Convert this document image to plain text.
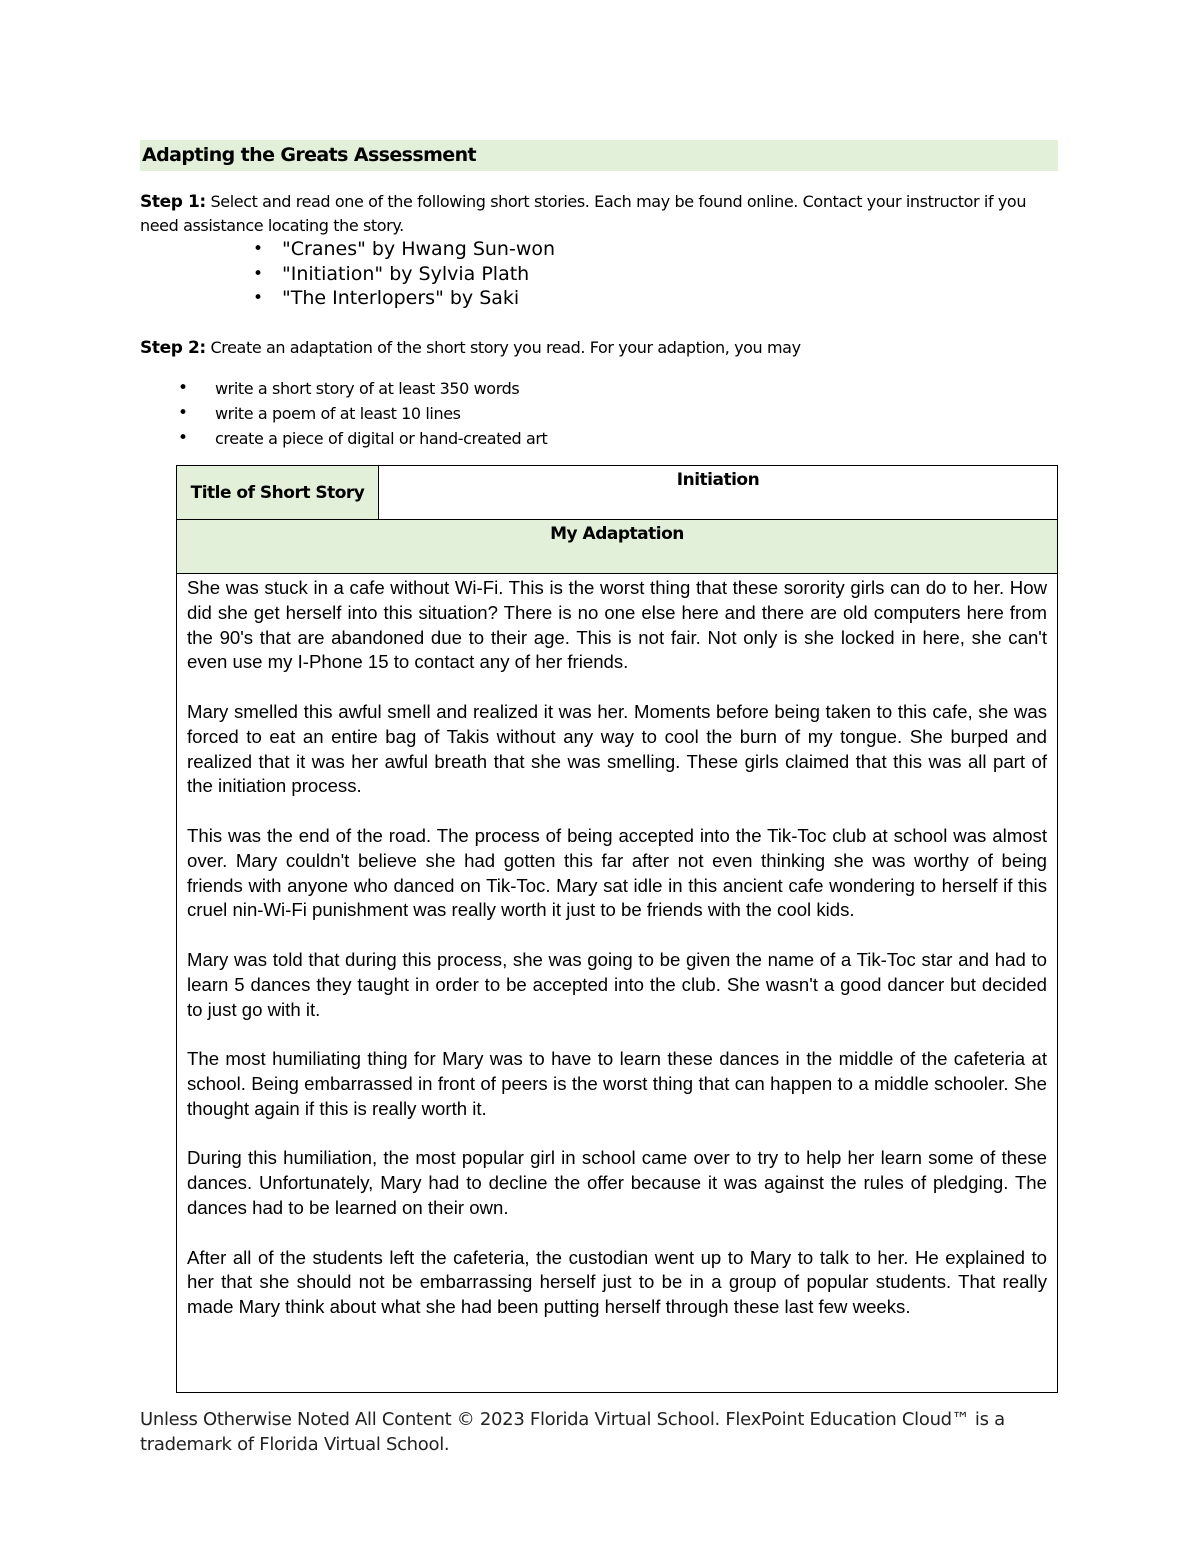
Adapting the Greats Assessment
Step 1: Select and read one of the following short stories. Each may be found online. Contact your instructor if you need assistance locating the story.
• "Cranes" by Hwang Sun-won
• "Initiation" by Sylvia Plath
• "The Interlopers" by Saki
Step 2: Create an adaptation of the short story you read. For your adaption, you may
• write a short story of at least 350 words
• write a poem of at least 10 lines
• create a piece of digital or hand-created art
Title of Short Story
Initiation
My Adaptation

She was stuck in a cafe without Wi-Fi. This is the worst thing that these sorority girls can do to her. How did she get herself into this situation? There is no one else here and there are old computers here from the 90's that are abandoned due to their age. This is not fair. Not only is she locked in here, she can't even use my I-Phone 15 to contact any of her friends.

Mary smelled this awful smell and realized it was her. Moments before being taken to this cafe, she was forced to eat an entire bag of Takis without any way to cool the burn of my tongue. She burped and realized that it was her awful breath that she was smelling. These girls claimed that this was all part of the initiation process.

This was the end of the road. The process of being accepted into the Tik-Toc club at school was almost over. Mary couldn't believe she had gotten this far after not even thinking she was worthy of being friends with anyone who danced on Tik-Toc. Mary sat idle in this ancient cafe wondering to herself if this cruel nin-Wi-Fi punishment was really worth it just to be friends with the cool kids.

Mary was told that during this process, she was going to be given the name of a Tik-Toc star and had to learn 5 dances they taught in order to be accepted into the club. She wasn't a good dancer but decided to just go with it.

The most humiliating thing for Mary was to have to learn these dances in the middle of the cafeteria at school. Being embarrassed in front of peers is the worst thing that can happen to a middle schooler. She thought again if this is really worth it.

During this humiliation, the most popular girl in school came over to try to help her learn some of these dances. Unfortunately, Mary had to decline the offer because it was against the rules of pledging. The dances had to be learned on their own.

After all of the students left the cafeteria, the custodian went up to Mary to talk to her. He explained to her that she should not be embarrassing herself just to be in a group of popular students. That really made Mary think about what she had been putting herself through these last few weeks.

Unless Otherwise Noted All Content © 2023 Florida Virtual School. FlexPoint Education Cloud™ is a trademark of Florida Virtual School.
